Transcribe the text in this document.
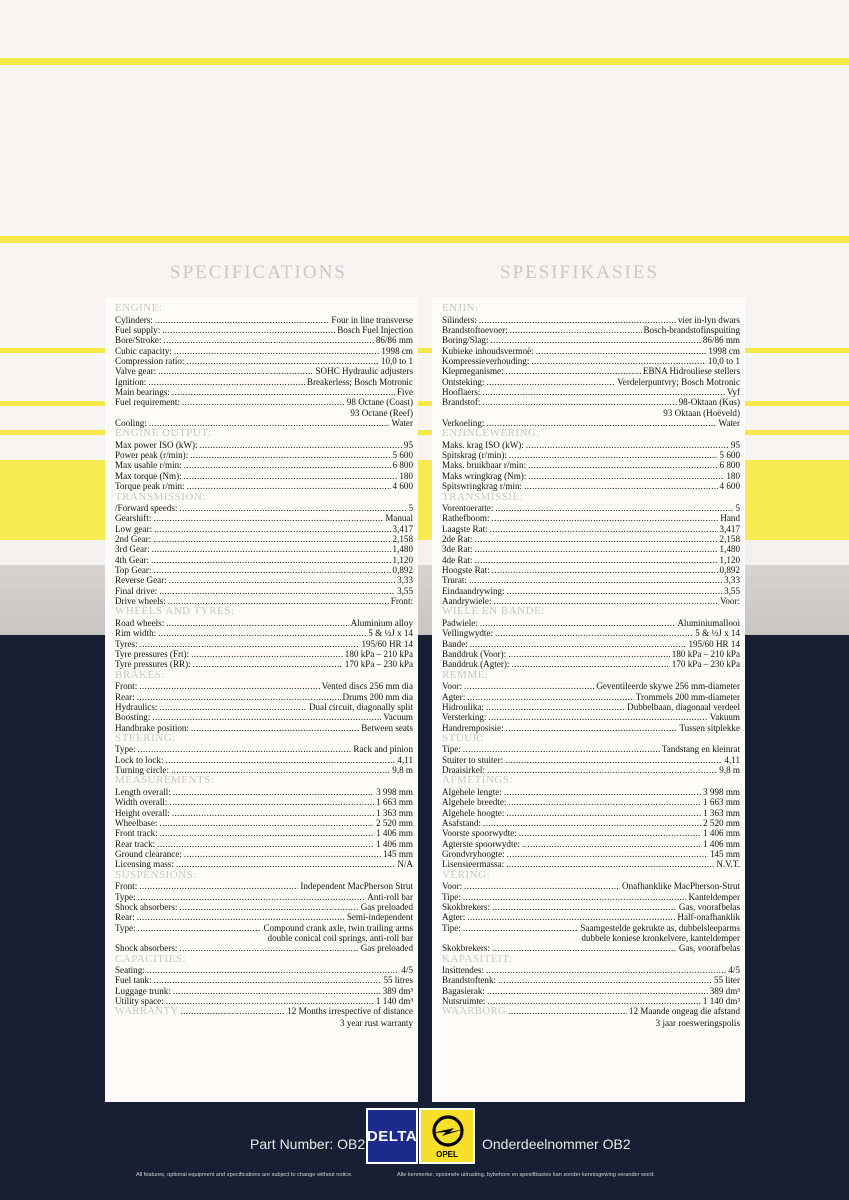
SPECIFICATIONS	SPESIFIKASIES
ENGINE:
Cylinders: .....	Four in line transverse
Fuel supply: .....	Bosch Fuel Injection
Bore/Stroke: .....	86/86 mm
Cubic capacity: .....	1998 cm
Compression ratio: .....	10,0 to 1
Valve gear: .....	SOHC Hydraulic adjusters
Ignition: .....	Breakerless; Bosch Motronic
Main bearings: .....	Five
Fuel requirement: .....	98 Octane (Coast)
93 Octane (Reef)
Cooling: .....	Water
ENGINE OUTPUT:
Max power ISO (kW): .....	95
Power peak (r/min): .....	5 600
Max usable r/min: .....	6 800
Max torque (Nm): .....	180
Torque peak r/min: .....	4 600
TRANSMISSION:
/Forward speeds: .....	5
Gearshift: .....	Manual
Low gear: .....	3,417
2nd Gear: .....	2,158
3rd Gear: .....	1,480
4th Gear: .....	1,120
Top Gear: .....	0,892
Reverse Gear: .....	3,33
Final drive: .....	3,55
Drive wheels: .....	Front:
WHEELS AND TYRES:
Road wheels: .....	Aluminium alloy
Rim width: .....	5 & ½J x 14
Tyres: .....	195/60 HR 14
Tyre pressures (Frt): .....	180 kPa – 210 kPa
Tyre pressures (RR): .....	170 kPa – 230 kPa
BRAKES:
Front: .....	Vented discs 256 mm dia
Rear: .....	Drums 200 mm dia
Hydraulics: .....	Dual circuit, diagonally split
Boosting: .....	Vacuum
Handbrake position: .....	Between seats
STEERING:
Type: .....	Rack and pinion
Lock to lock: .....	4,11
Turning circle: .....	9,8 m
MEASUREMENTS:
Length overall: .....	3 998 mm
Width overall: .....	1 663 mm
Height overall: .....	1 363 mm
Wheelbase: .....	2 520 mm
Front track: .....	1 406 mm
Rear track: .....	1 406 mm
Ground clearance: .....	145 mm
Licensing mass: .....	N/A
SUSPENSIONS:
Front: .....	Independent MacPherson Strut
Type: .....	Anti-roll bar
Shock absorbers: .....	Gas preloaded
Rear: .....	Semi-independent
Type: .....	Compound crank axle, twin trailing arms
double conical coil springs, anti-roll bar
Shock absorbers: .....	Gas preloaded
CAPACITIES:
Seating: .....	4/5
Fuel tank: .....	55 litres
Luggage trunk: .....	389 dm³
Utility space: .....	1 140 dm³
WARRANTY .....	12 Months irrespective of distance
3 year rust warranty
ENJIN:
Silinders: .....	vier in-lyn dwars
Brandstoftoevoer: .....	Bosch-brandstofinspuiting
Boring/Slag: .....	86/86 mm
Kubieke inhoudsvermoë: .....	1998 cm
Kompressieverhouding: .....	10,0 to 1
Klepmeganisme: .....	EBNA Hidrouliese stellers
Ontsteking: .....	Verdelerpuntvry; Bosch Motronic
Hooflaers: .....	Vyf
Brandstof: .....	98-Oktaan (Kus)
93 Oktaan (Hoëveld)
Verkoeling: .....	Water
ENJINLEWERING:
Maks. krag ISO (kW): .....	95
Spitskrag (r/min): .....	5 600
Maks. bruikbaar r/min: .....	6 800
Maks wringkrag (Nm): .....	180
Spitswringkrag r/min: .....	4 600
TRANSMISSIE:
Vorentoeratte: .....	5
Rathefboom: .....	Hand
Laagste Rat: .....	3,417
2de Rat: .....	2,158
3de Rat: .....	1,480
4de Rat: .....	1,120
Hoogste Rat: .....	0,892
Trurat: .....	3,33
Eindaandrywing: .....	3,55
Aandrywiele: .....	Voor:
WIELE EN BANDE:
Padwiele: .....	Aluminiumallooi
Vellingwydte: .....	5 & ½J x 14
Bande: .....	195/60 HR 14
Banddruk (Voor): .....	180 kPa – 210 kPa
Banddruk (Agter): .....	170 kPa – 230 kPa
REMME:
Voor: .....	Geventileerde skywe 256 mm-diameter
Agter: .....	Trommels 200 mm-diameter
Hidroulika: .....	Dubbelbaan, diagonaal verdeel
Versterking: .....	Vakuum
Handremposisie: .....	Tussen sitplekke
STUUR:
Tipe: .....	Tandstang en kleinrat
Stuiter to stuiter: .....	4,11
Draaisirkel: .....	9,8 m
AFMETINGS:
Algehele lengte: .....	3 998 mm
Algehele breedte: .....	1 663 mm
Algehele hoogte: .....	1 363 mm
Asafstand: .....	2 520 mm
Voorste spoorwydte: .....	1 406 mm
Agterste spoorwydte: .....	1 406 mm
Grondvryhoogte: .....	145 mm
Lisensieermassa: .....	N.V.T.
VERING:
Voor: .....	Onafhanklike MacPherson-Strut
Tipe: .....	Kanteldemper
Skokbrekers: .....	Gas, voorafbelas
Agter: .....	Half-onafhanklik
Tipe: .....	Saamgestelde gekrukte as, dubbelsleeparms
dubbele koniese kronkelvere, kanteldemper
Skokbrekers: .....	Gas, voorafbelas
KAPASITEIT:
Insittendes: .....	4/5
Brandstoftenk: .....	55 liter
Bagasierak: .....	389 dm³
Nutsruimte: .....	1 140 dm³
WAARBORG .....	12 Maande ongeag die afstand
3 jaar roesweringspolis
Part Number: OB2 DELTA
OPEL
Onderdeelnommer OB2
All features, optional equipment and specifications are subject to change without notice.	Alle kenmerke, opsionele uitrusting, bybehore en spesifikasies kan sonder kennisgewing verander word.
